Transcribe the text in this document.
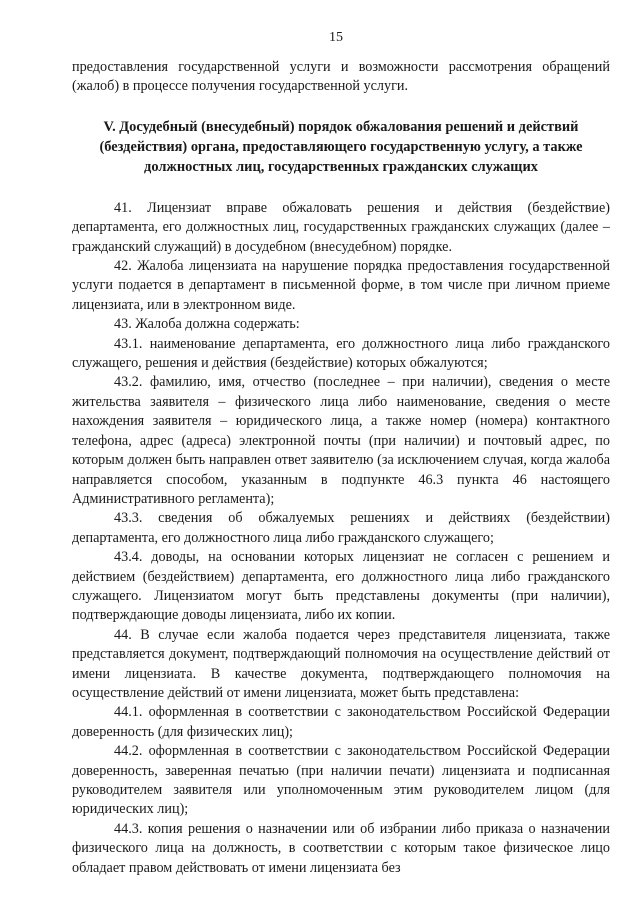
15

предоставления государственной услуги и возможности рассмотрения обращений (жалоб) в процессе получения государственной услуги.

V. Досудебный (внесудебный) порядок обжалования решений и действий (бездействия) органа, предоставляющего государственную услугу, а также должностных лиц, государственных гражданских служащих

41. Лицензиат вправе обжаловать решения и действия (бездействие) департамента, его должностных лиц, государственных гражданских служащих (далее – гражданский служащий) в досудебном (внесудебном) порядке.

42. Жалоба лицензиата на нарушение порядка предоставления государственной услуги подается в департамент в письменной форме, в том числе при личном приеме лицензиата, или в электронном виде.

43. Жалоба должна содержать:

43.1. наименование департамента, его должностного лица либо гражданского служащего, решения и действия (бездействие) которых обжалуются;

43.2. фамилию, имя, отчество (последнее – при наличии), сведения о месте жительства заявителя – физического лица либо наименование, сведения о месте нахождения заявителя – юридического лица, а также номер (номера) контактного телефона, адрес (адреса) электронной почты (при наличии) и почтовый адрес, по которым должен быть направлен ответ заявителю (за исключением случая, когда жалоба направляется способом, указанным в подпункте 46.3 пункта 46 настоящего Административного регламента);

43.3. сведения об обжалуемых решениях и действиях (бездействии) департамента, его должностного лица либо гражданского служащего;

43.4. доводы, на основании которых лицензиат не согласен с решением и действием (бездействием) департамента, его должностного лица либо гражданского служащего. Лицензиатом могут быть представлены документы (при наличии), подтверждающие доводы лицензиата, либо их копии.

44. В случае если жалоба подается через представителя лицензиата, также представляется документ, подтверждающий полномочия на осуществление действий от имени лицензиата. В качестве документа, подтверждающего полномочия на осуществление действий от имени лицензиата, может быть представлена:

44.1. оформленная в соответствии с законодательством Российской Федерации доверенность (для физических лиц);

44.2. оформленная в соответствии с законодательством Российской Федерации доверенность, заверенная печатью (при наличии печати) лицензиата и подписанная руководителем заявителя или уполномоченным этим руководителем лицом (для юридических лиц);

44.3. копия решения о назначении или об избрании либо приказа о назначении физического лица на должность, в соответствии с которым такое физическое лицо обладает правом действовать от имени лицензиата без
